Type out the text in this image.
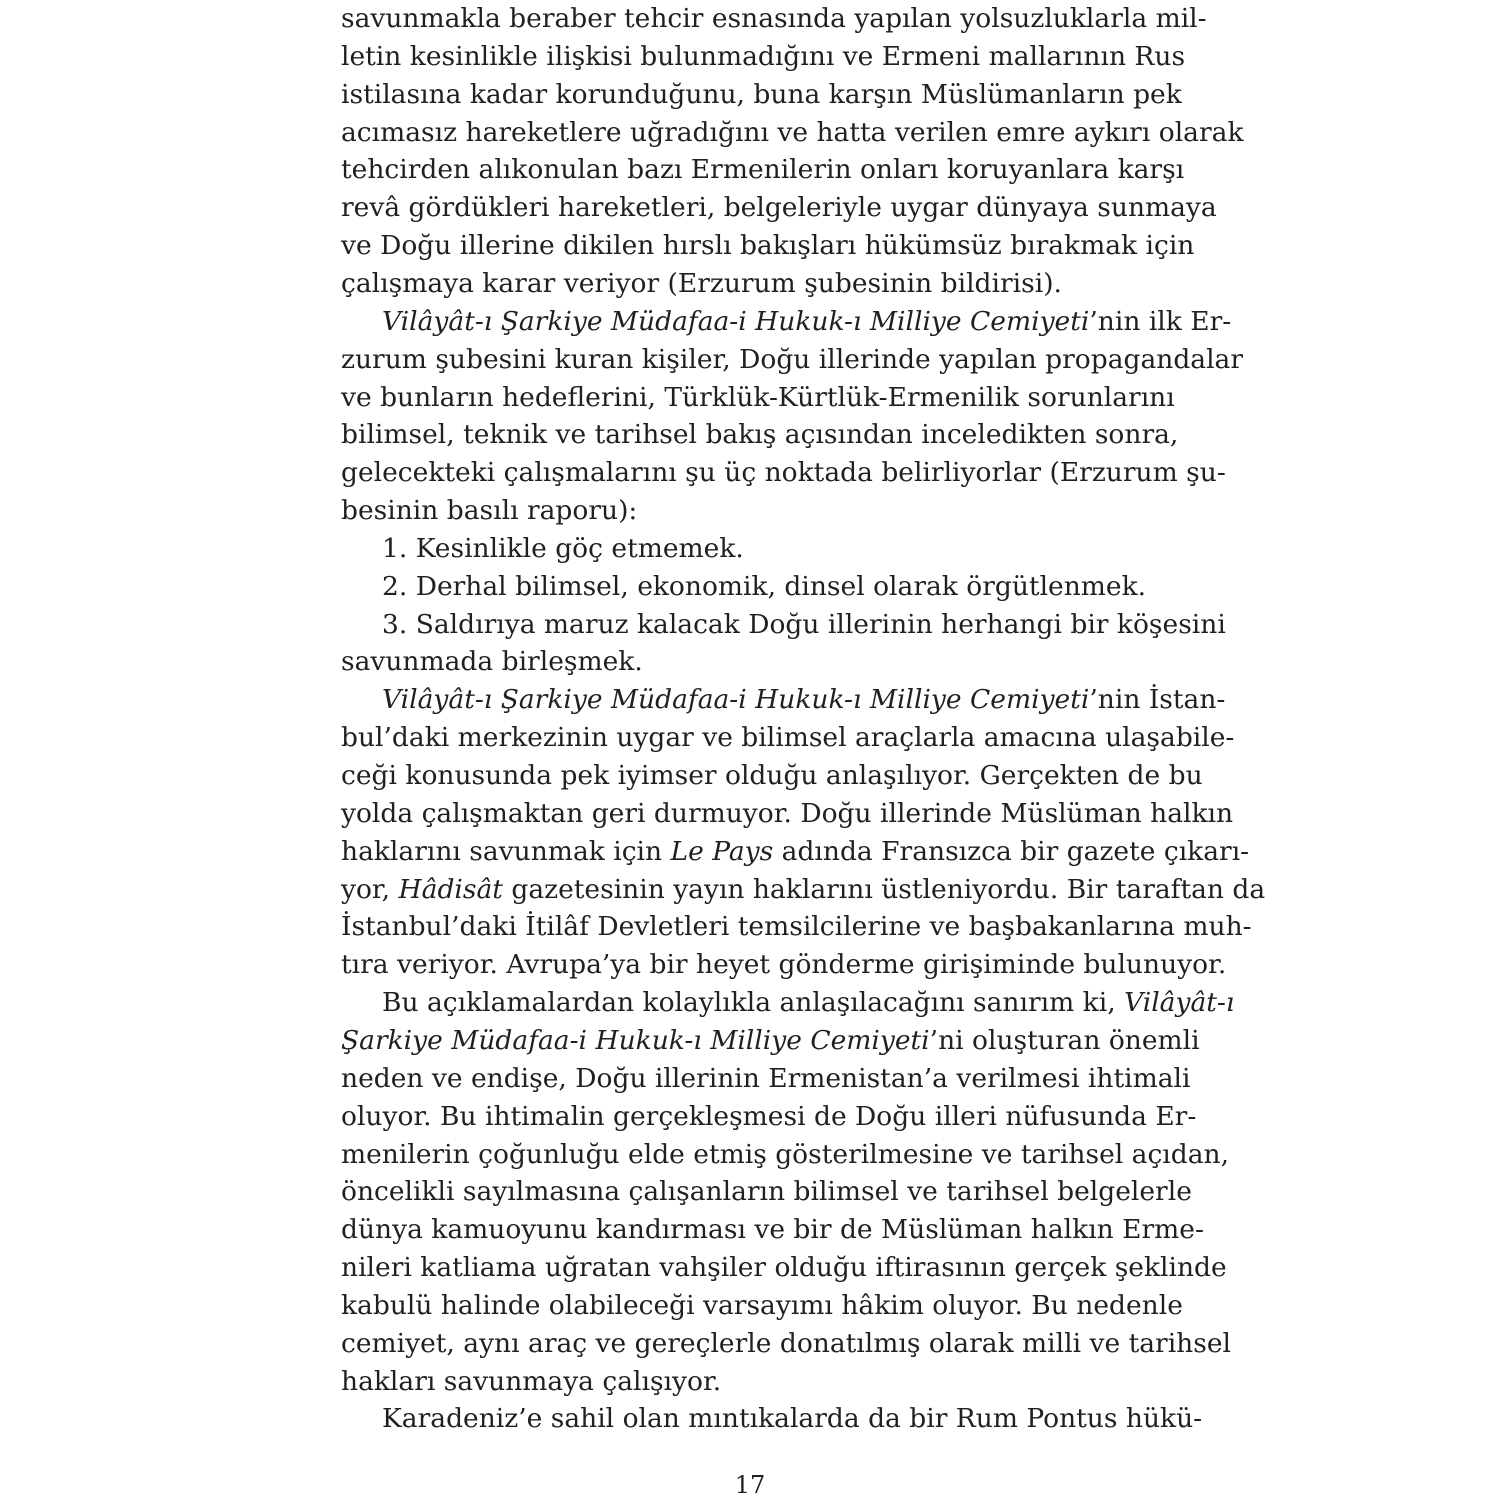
savunmakla beraber tehcir esnasında yapılan yolsuzluklarla mil-
letin kesinlikle ilişkisi bulunmadığını ve Ermeni mallarının Rus
istilasına kadar korunduğunu, buna karşın Müslümanların pek
acımasız hareketlere uğradığını ve hatta verilen emre aykırı olarak
tehcirden alıkonulan bazı Ermenilerin onları koruyanlara karşı
revâ gördükleri hareketleri, belgeleriyle uygar dünyaya sunmaya
ve Doğu illerine dikilen hırslı bakışları hükümsüz bırakmak için
çalışmaya karar veriyor (Erzurum şubesinin bildirisi).
Vilâyât-ı Şarkiye Müdafaa-i Hukuk-ı Milliye Cemiyeti’nin ilk Er-
zurum şubesini kuran kişiler, Doğu illerinde yapılan propagandalar
ve bunların hedeflerini, Türklük-Kürtlük-Ermenilik sorunlarını
bilimsel, teknik ve tarihsel bakış açısından inceledikten sonra,
gelecekteki çalışmalarını şu üç noktada belirliyorlar (Erzurum şu-
besinin basılı raporu):
1. Kesinlikle göç etmemek.
2. Derhal bilimsel, ekonomik, dinsel olarak örgütlenmek.
3. Saldırıya maruz kalacak Doğu illerinin herhangi bir köşesini
savunmada birleşmek.
Vilâyât-ı Şarkiye Müdafaa-i Hukuk-ı Milliye Cemiyeti’nin İstan-
bul’daki merkezinin uygar ve bilimsel araçlarla amacına ulaşabile-
ceği konusunda pek iyimser olduğu anlaşılıyor. Gerçekten de bu
yolda çalışmaktan geri durmuyor. Doğu illerinde Müslüman halkın
haklarını savunmak için Le Pays adında Fransızca bir gazete çıkarı-
yor, Hâdisât gazetesinin yayın haklarını üstleniyordu. Bir taraftan da
İstanbul’daki İtilâf Devletleri temsilcilerine ve başbakanlarına muh-
tıra veriyor. Avrupa’ya bir heyet gönderme girişiminde bulunuyor.
Bu açıklamalardan kolaylıkla anlaşılacağını sanırım ki, Vilâyât-ı
Şarkiye Müdafaa-i Hukuk-ı Milliye Cemiyeti’ni oluşturan önemli
neden ve endişe, Doğu illerinin Ermenistan’a verilmesi ihtimali
oluyor. Bu ihtimalin gerçekleşmesi de Doğu illeri nüfusunda Er-
menilerin çoğunluğu elde etmiş gösterilmesine ve tarihsel açıdan,
öncelikli sayılmasına çalışanların bilimsel ve tarihsel belgelerle
dünya kamuoyunu kandırması ve bir de Müslüman halkın Erme-
nileri katliama uğratan vahşiler olduğu iftirasının gerçek şeklinde
kabulü halinde olabileceği varsayımı hâkim oluyor. Bu nedenle
cemiyet, aynı araç ve gereçlerle donatılmış olarak milli ve tarihsel
hakları savunmaya çalışıyor.
Karadeniz’e sahil olan mıntıkalarda da bir Rum Pontus hükü-
17
